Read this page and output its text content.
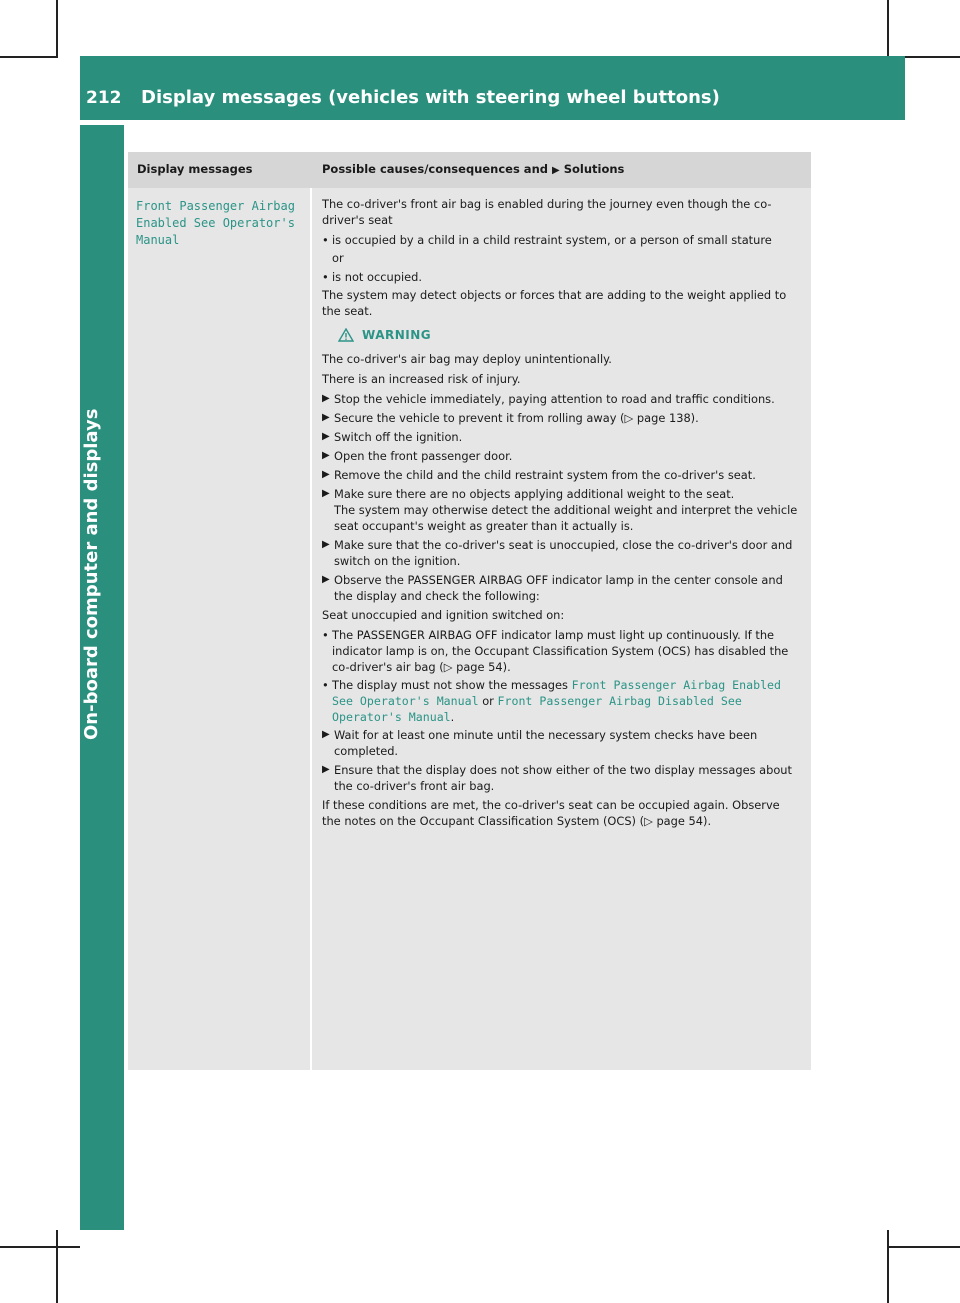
212 Display messages (vehicles with steering wheel buttons)
On-board computer and displays
Display messages	Possible causes/consequences and ▶ Solutions
Front Passenger Airbag Enabled See Operator's Manual

The co-driver's front air bag is enabled during the journey even though the co-driver's seat

• is occupied by a child in a child restraint system, or a person of small stature
or
• is not occupied.

The system may detect objects or forces that are adding to the weight applied to the seat.

WARNING

The co-driver's air bag may deploy unintentionally.

There is an increased risk of injury.

▶ Stop the vehicle immediately, paying attention to road and traffic conditions.
▶ Secure the vehicle to prevent it from rolling away (▷ page 138).
▶ Switch off the ignition.
▶ Open the front passenger door.
▶ Remove the child and the child restraint system from the co-driver's seat.
▶ Make sure there are no objects applying additional weight to the seat.
The system may otherwise detect the additional weight and interpret the vehicle seat occupant's weight as greater than it actually is.
▶ Make sure that the co-driver's seat is unoccupied, close the co-driver's door and switch on the ignition.
▶ Observe the PASSENGER AIRBAG OFF indicator lamp in the center console and the display and check the following:

Seat unoccupied and ignition switched on:

• The PASSENGER AIRBAG OFF indicator lamp must light up continuously. If the indicator lamp is on, the Occupant Classification System (OCS) has disabled the co-driver's air bag (▷ page 54).
• The display must not show the messages Front Passenger Airbag Enabled See Operator's Manual or Front Passenger Airbag Disabled See Operator's Manual.
▶ Wait for at least one minute until the necessary system checks have been completed.
▶ Ensure that the display does not show either of the two display messages about the co-driver's front air bag.

If these conditions are met, the co-driver's seat can be occupied again. Observe the notes on the Occupant Classification System (OCS) (▷ page 54).
